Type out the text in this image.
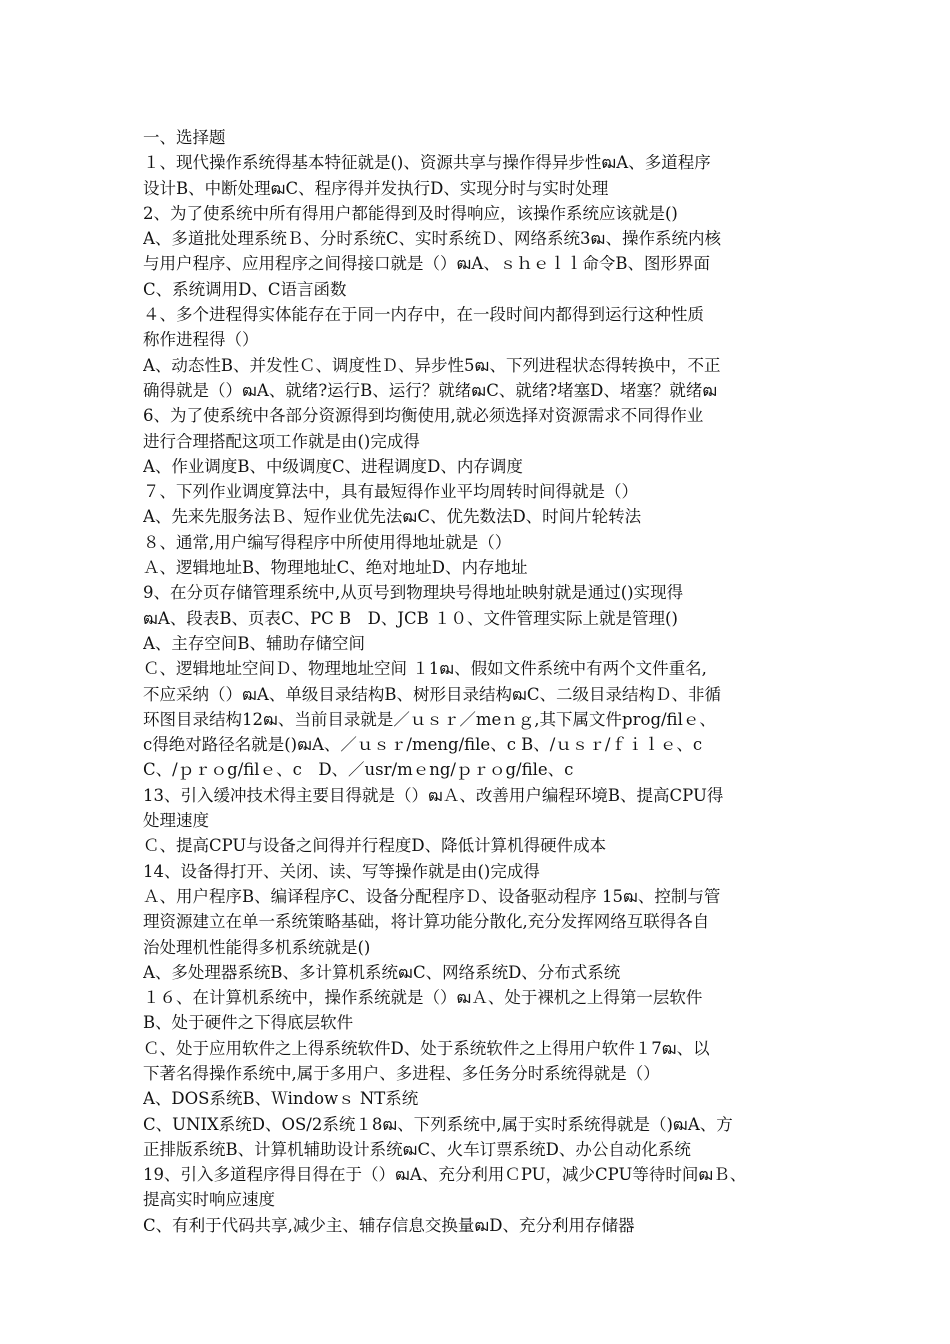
一、选择题
１、现代操作系统得基本特征就是()、资源共享与操作得异步性ฒA、多道程序
设计B、中断处理ฒC、程序得并发执行D、实现分时与实时处理
2、为了使系统中所有得用户都能得到及时得响应，该操作系统应该就是()
A、多道批处理系统Ｂ、分时系统C、实时系统Ｄ、网络系统3ฒ、操作系统内核
与用户程序、应用程序之间得接口就是（）ฒA、ｓｈｅｌｌ命令B、图形界面
C、系统调用D、C语言函数
４、多个进程得实体能存在于同一内存中，在一段时间内都得到运行这种性质
称作进程得（）
A、动态性B、并发性Ｃ、调度性Ｄ、异步性5ฒ、下列进程状态得转换中，不正
确得就是（）ฒA、就绪?运行B、运行？就绪ฒC、就绪?堵塞D、堵塞？就绪ฒ
6、为了使系统中各部分资源得到均衡使用,就必须选择对资源需求不同得作业
进行合理搭配这项工作就是由()完成得
A、作业调度B、中级调度C、进程调度D、内存调度
７、下列作业调度算法中，具有最短得作业平均周转时间得就是（）
A、先来先服务法Ｂ、短作业优先法ฒC、优先数法D、时间片轮转法
８、通常,用户编写得程序中所使用得地址就是（）
Ａ、逻辑地址B、物理地址C、绝对地址D、内存地址
9、在分页存储管理系统中,从页号到物理块号得地址映射就是通过()实现得
ฒA、段表B、页表C、PC B　D、JCB １０、文件管理实际上就是管理()
A、主存空间B、辅助存储空间
Ｃ、逻辑地址空间Ｄ、物理地址空间 １1ฒ、假如文件系统中有两个文件重名,
不应采纳（）ฒA、单级目录结构B、树形目录结构ฒC、二级目录结构Ｄ、非循
环图目录结构12ฒ、当前目录就是／ｕｓｒ／meｎｇ,其下属文件prog/filｅ、
c得绝对路径名就是()ฒA、／ｕｓｒ/meng/file、c B、/ｕｓｒ/ｆｉｌｅ、c
C、/ｐｒｏg/filｅ、c　D、／usr/mｅng/ｐｒｏg/file、c
13、引入缓冲技术得主要目得就是（）ฒＡ、改善用户编程环境B、提高CPU得
处理速度
Ｃ、提高CPU与设备之间得并行程度D、降低计算机得硬件成本
14、设备得打开、关闭、读、写等操作就是由()完成得
Ａ、用户程序B、编译程序C、设备分配程序Ｄ、设备驱动程序 15ฒ、控制与管
理资源建立在单一系统策略基础，将计算功能分散化,充分发挥网络互联得各自
治处理机性能得多机系统就是()
A、多处理器系统B、多计算机系统ฒC、网络系统D、分布式系统
１６、在计算机系统中，操作系统就是（）ฒＡ、处于裸机之上得第一层软件
B、处于硬件之下得底层软件
Ｃ、处于应用软件之上得系统软件D、处于系统软件之上得用户软件１7ฒ、以
下著名得操作系统中,属于多用户、多进程、多任务分时系统得就是（）
A、DOS系统B、Ｗindowｓ NT系统
C、UNIX系统D、OS/2系统１8ฒ、下列系统中,属于实时系统得就是（)ฒA、方
正排版系统B、计算机辅助设计系统ฒC、火车订票系统D、办公自动化系统
19、引入多道程序得目得在于（）ฒA、充分利用ＣPU，减少CPU等待时间ฒＢ、
提高实时响应速度
C、有利于代码共享,减少主、辅存信息交换量ฒD、充分利用存储器
